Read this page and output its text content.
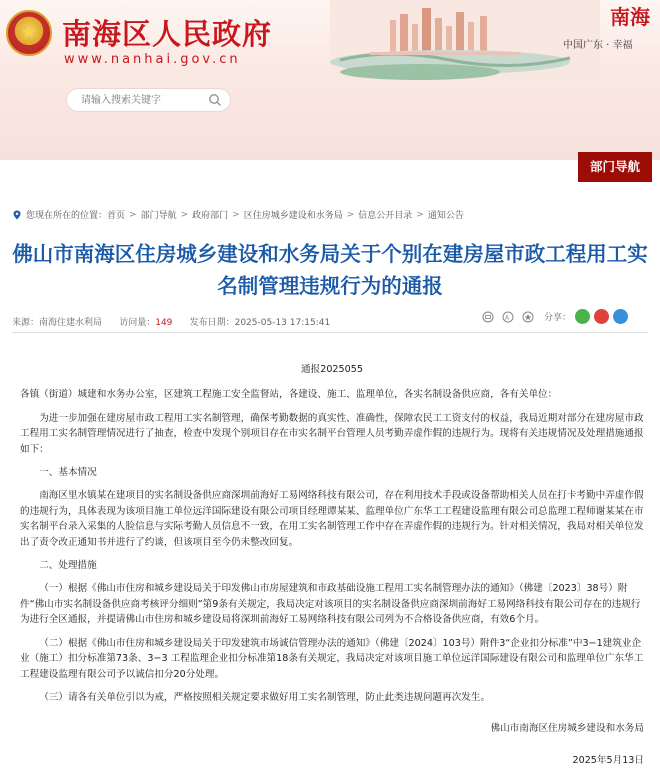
★ 南海区人民政府
www.nanhai.gov.cn
中国广东 · 幸福
南海
请输入搜索关键字
网站首页	政务公开	政务服务	互动交流	人文南海	数据开放	部门导航
您现在所在的位置： 首页 > 部门导航 > 政府部门 > 区住房城乡建设和水务局 > 信息公开目录 > 通知公告
佛山市南海区住房城乡建设和水务局关于个别在建房屋市政工程用工实名制管理违规行为的通报
来源：南海住建水利局 访问量：149 发布日期：2025-05-13 17:15:41
A	分享：

通报2025055

各镇（街道）城建和水务办公室，区建筑工程施工安全监督站，各建设、施工、监理单位，各实名制设备供应商，各有关单位：

为进一步加强在建房屋市政工程用工实名制管理，确保考勤数据的真实性、准确性，保障农民工工资支付的权益，我局近期对部分在建房屋市政工程用工实名制管理情况进行了抽查，检查中发现个别项目存在市实名制平台管理人员考勤弄虚作假的违规行为。现将有关违规情况及处理措施通报如下：

一、基本情况

南海区里水镇某在建项目的实名制设备供应商深圳前海好工易网络科技有限公司，存在利用技术手段或设备帮助相关人员在打卡考勤中弄虚作假的违规行为，具体表现为该项目施工单位远洋国际建设有限公司项目经理谭某某、监理单位广东华工工程建设监理有限公司总监理工程师谢某某在市实名制平台录入采集的人脸信息与实际考勤人员信息不一致，在用工实名制管理工作中存在弄虚作假的违规行为。针对相关情况，我局对相关单位发出了责令改正通知书并进行了约谈，但该项目至今仍未整改回复。

二、处理措施

（一）根据《佛山市住房和城乡建设局关于印发佛山市房屋建筑和市政基础设施工程用工实名制管理办法的通知》（佛建〔2023〕38号）附件“佛山市实名制设备供应商考核评分细则”第9条有关规定，我局决定对该项目的实名制设备供应商深圳前海好工易网络科技有限公司存在的违规行为进行全区通报，并提请佛山市住房和城乡建设局将深圳前海好工易网络科技有限公司列为不合格设备供应商，有效6个月。

（二）根据《佛山市住房和城乡建设局关于印发建筑市场诚信管理办法的通知》（佛建〔2024〕103号）附件3“企业扣分标准”中3−1建筑业企业（施工）扣分标准第73条、3−3 工程监理企业扣分标准第18条有关规定，我局决定对该项目施工单位远洋国际建设有限公司和监理单位广东华工工程建设监理有限公司予以诚信扣分20分处理。

（三）请各有关单位引以为戒，严格按照相关规定要求做好用工实名制管理，防止此类违规问题再次发生。

佛山市南海区住房城乡建设和水务局

2025年5月13日
